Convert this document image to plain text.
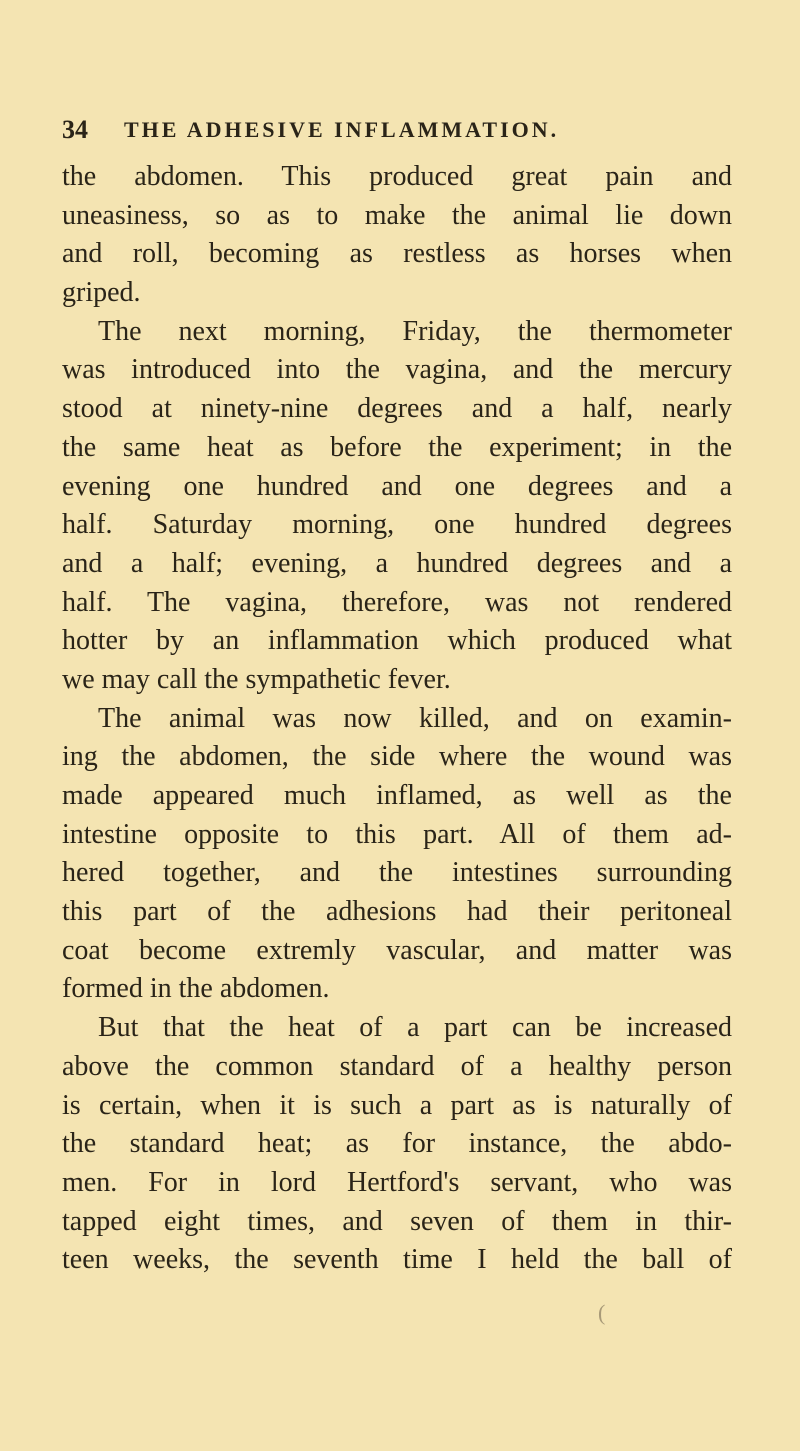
34 THE ADHESIVE INFLAMMATION.
the abdomen. This produced great pain and
uneasiness, so as to make the animal lie down
and roll, becoming as restless as horses when
griped.
The next morning, Friday, the thermometer
was introduced into the vagina, and the mercury
stood at ninety-nine degrees and a half, nearly
the same heat as before the experiment; in the
evening one hundred and one degrees and a
half. Saturday morning, one hundred degrees
and a half; evening, a hundred degrees and a
half. The vagina, therefore, was not rendered
hotter by an inflammation which produced what
we may call the sympathetic fever.
The animal was now killed, and on examin-
ing the abdomen, the side where the wound was
made appeared much inflamed, as well as the
intestine opposite to this part. All of them ad-
hered together, and the intestines surrounding
this part of the adhesions had their peritoneal
coat become extremly vascular, and matter was
formed in the abdomen.
But that the heat of a part can be increased
above the common standard of a healthy person
is certain, when it is such a part as is naturally of
the standard heat; as for instance, the abdo-
men. For in lord Hertford's servant, who was
tapped eight times, and seven of them in thir-
teen weeks, the seventh time I held the ball of
(
